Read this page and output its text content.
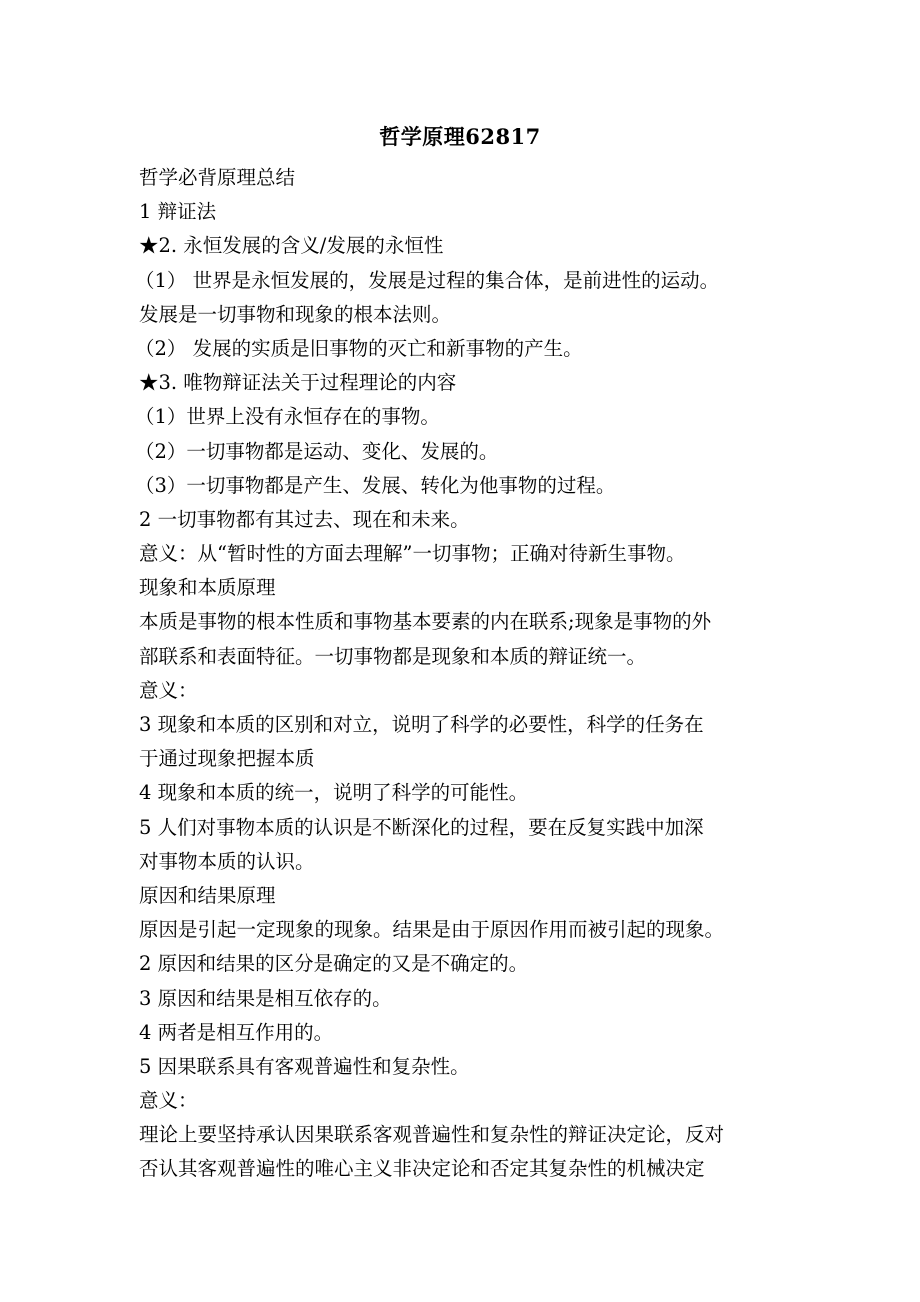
哲学原理62817
哲学必背原理总结
1 辩证法
★2. 永恒发展的含义/发展的永恒性
（1） 世界是永恒发展的，发展是过程的集合体，是前进性的运动。
发展是一切事物和现象的根本法则。
（2） 发展的实质是旧事物的灭亡和新事物的产生。
★3. 唯物辩证法关于过程理论的内容
（1）世界上没有永恒存在的事物。
（2）一切事物都是运动、变化、发展的。
（3）一切事物都是产生、发展、转化为他事物的过程。
2 一切事物都有其过去、现在和未来。
意义：从“暂时性的方面去理解”一切事物；正确对待新生事物。
现象和本质原理
本质是事物的根本性质和事物基本要素的内在联系;现象是事物的外
部联系和表面特征。一切事物都是现象和本质的辩证统一。
意义：
3 现象和本质的区别和对立，说明了科学的必要性，科学的任务在
于通过现象把握本质
4 现象和本质的统一，说明了科学的可能性。
5 人们对事物本质的认识是不断深化的过程，要在反复实践中加深
对事物本质的认识。
原因和结果原理
原因是引起一定现象的现象。结果是由于原因作用而被引起的现象。
2 原因和结果的区分是确定的又是不确定的。
3 原因和结果是相互依存的。
4 两者是相互作用的。
5 因果联系具有客观普遍性和复杂性。
意义：
理论上要坚持承认因果联系客观普遍性和复杂性的辩证决定论，反对
否认其客观普遍性的唯心主义非决定论和否定其复杂性的机械决定
